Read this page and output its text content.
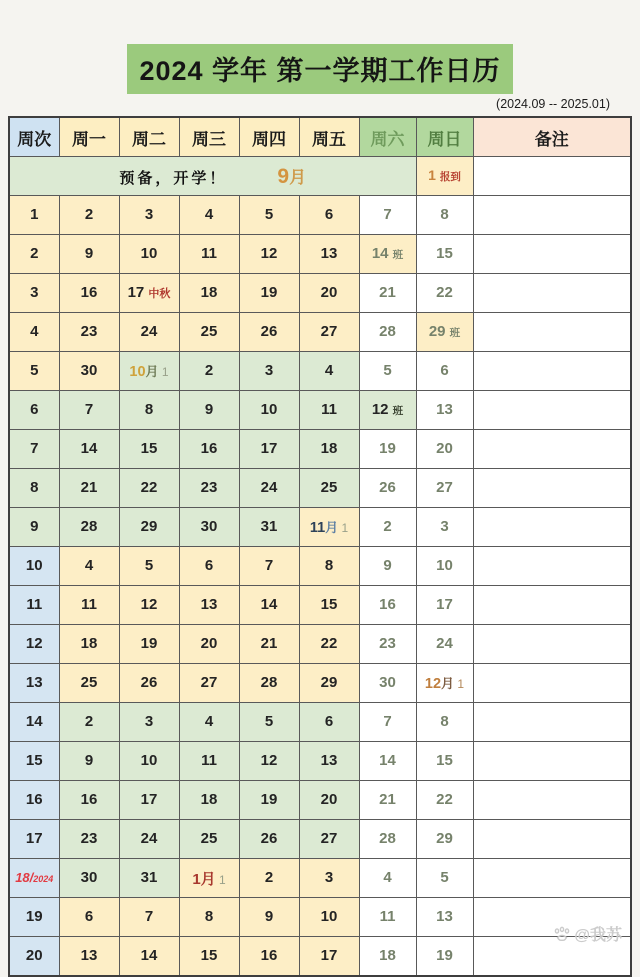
2024 学年 第一学期工作日历
(2024.09 -- 2025.01)
周次	周一	周二	周三	周四	周五	周六	周日	备注
预备，开学！ 9月							1 报到	
1	2	3	4	5	6	7	8	
2	9	10	11	12	13	14 班	15	
3	16	17 中秋	18	19	20	21	22	
4	23	24	25	26	27	28	29 班	
5	30	10月 1	2	3	4	5	6	
6	7	8	9	10	11	12 班	13	
7	14	15	16	17	18	19	20	
8	21	22	23	24	25	26	27	
9	28	29	30	31	11月 1	2	3	
10	4	5	6	7	8	9	10	
11	11	12	13	14	15	16	17	
12	18	19	20	21	22	23	24	
13	25	26	27	28	29	30	12月 1	
14	2	3	4	5	6	7	8	
15	9	10	11	12	13	14	15	
16	16	17	18	19	20	21	22	
17	23	24	25	26	27	28	29	
18/2024	30	31	1月 1	2	3	4	5	
19	6	7	8	9	10	11	13	
20	13	14	15	16	17	18	19	
@我苏
